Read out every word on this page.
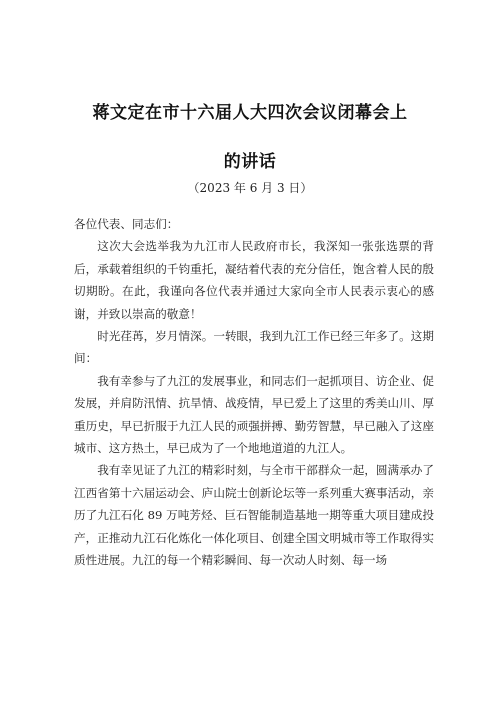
蒋文定在市十六届人大四次会议闭幕会上
的讲话
（2023 年 6 月 3 日）

各位代表、同志们：

这次大会选举我为九江市人民政府市长，我深知一张张选票的背后，承载着组织的千钧重托，凝结着代表的充分信任，饱含着人民的殷切期盼。在此，我谨向各位代表并通过大家向全市人民表示衷心的感谢，并致以崇高的敬意！

时光荏苒，岁月情深。一转眼，我到九江工作已经三年多了。这期间：

我有幸参与了九江的发展事业，和同志们一起抓项目、访企业、促发展，并肩防汛情、抗旱情、战疫情，早已爱上了这里的秀美山川、厚重历史，早已折服于九江人民的顽强拼搏、勤劳智慧，早已融入了这座城市、这方热土，早已成为了一个地地道道的九江人。

我有幸见证了九江的精彩时刻，与全市干部群众一起，圆满承办了江西省第十六届运动会、庐山院士创新论坛等一系列重大赛事活动，亲历了九江石化 89 万吨芳烃、巨石智能制造基地一期等重大项目建成投产，正推动九江石化炼化一体化项目、创建全国文明城市等工作取得实质性进展。九江的每一个精彩瞬间、每一次动人时刻、每一场
